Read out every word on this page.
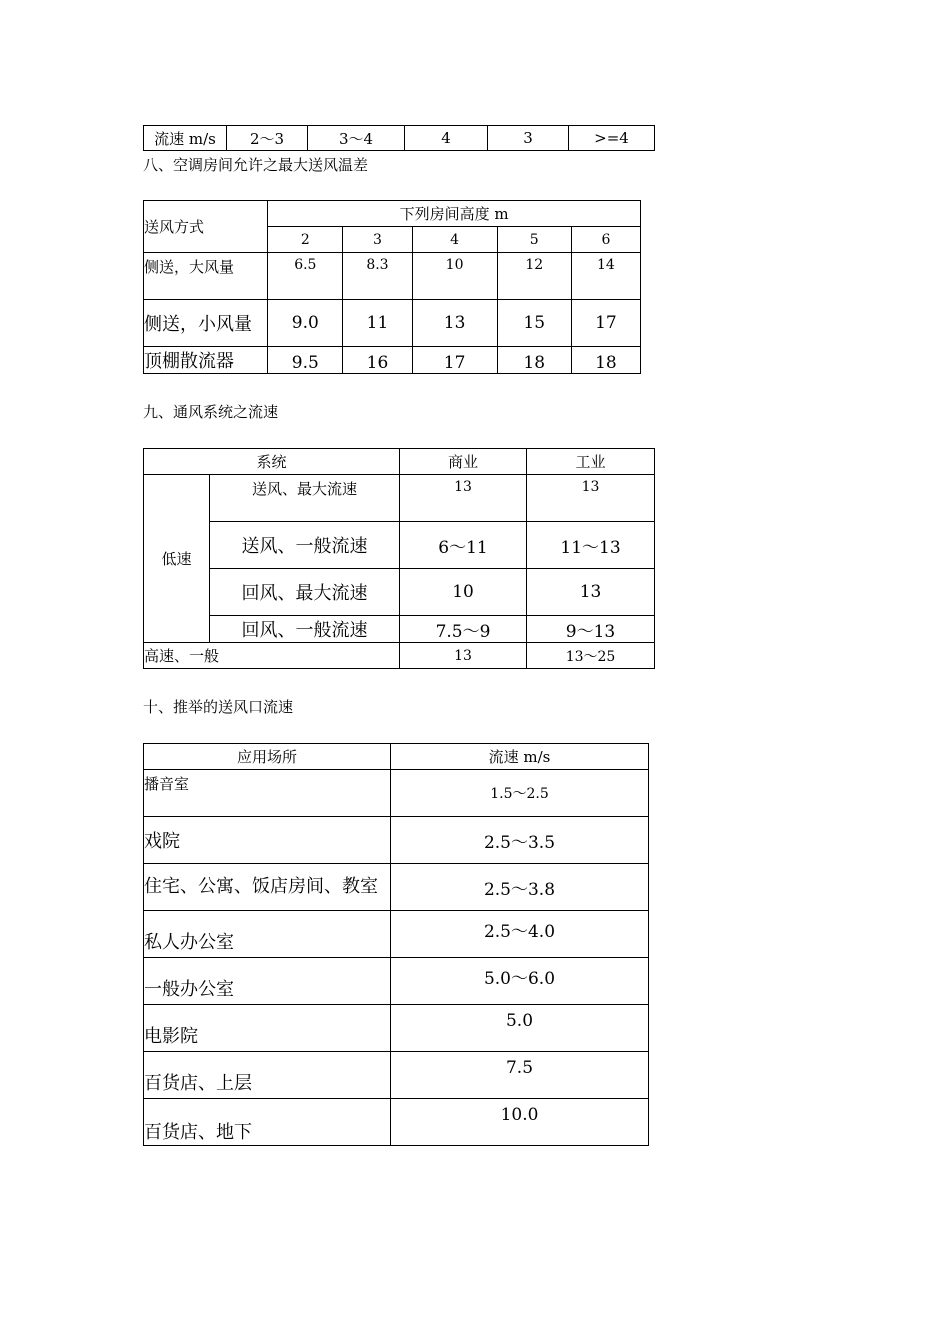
流速 m/s	2～3	3～4	4	3	>=4
八、空调房间允许之最大送风温差
送风方式	下列房间高度 m				
	2	3	4	5	6
侧送，大风量	6.5	8.3	10	12	14
侧送，小风量	9.0	11	13	15	17
顶棚散流器	9.5	16	17	18	18
九、通风系统之流速
系统		商业	工业
低速	送风、最大流速	13	13
	送风、一般流速	6～11	11～13
	回风、最大流速	10	13
	回风、一般流速	7.5～9	9～13
高速、一般		13	13～25
十、推举的送风口流速
应用场所	流速 m/s
播音室	1.5～2.5
戏院	2.5～3.5
住宅、公寓、饭店房间、教室	2.5～3.8
私人办公室	2.5～4.0
一般办公室	5.0～6.0
电影院	5.0
百货店、上层	7.5
百货店、地下	10.0
